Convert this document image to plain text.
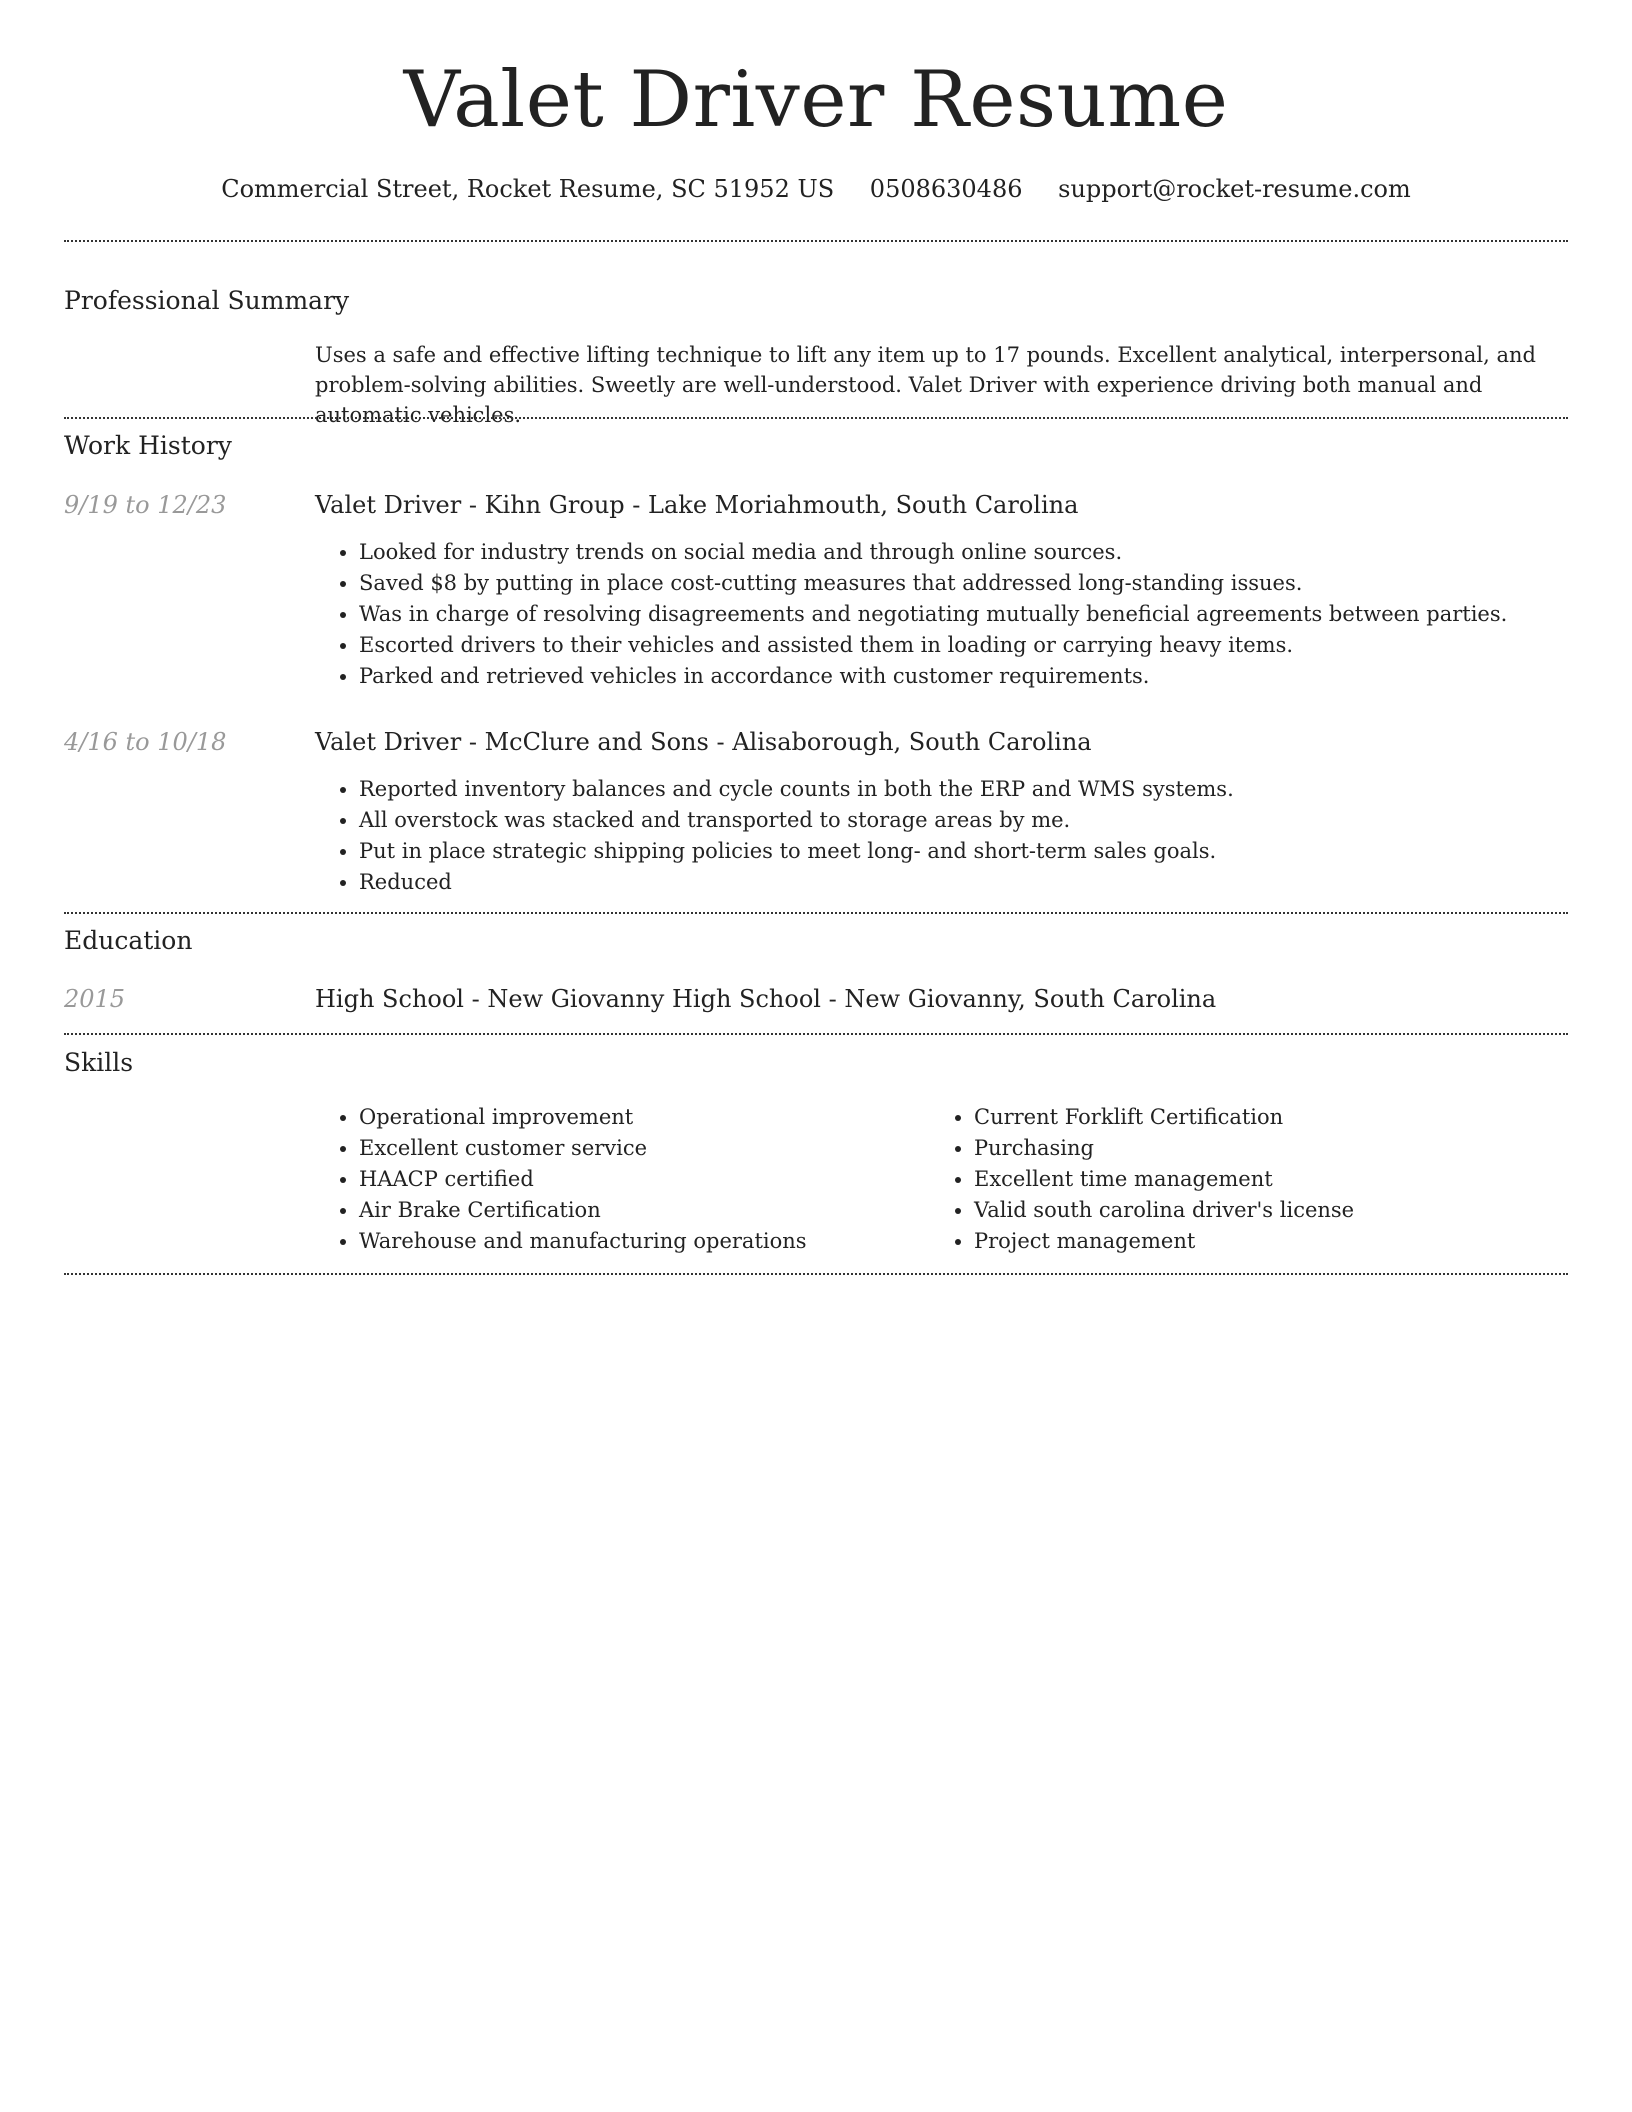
Valet Driver Resume
Commercial Street, Rocket Resume, SC 51952 US 0508630486 support@rocket-resume.com
Professional Summary
Uses a safe and effective lifting technique to lift any item up to 17 pounds. Excellent analytical, interpersonal, and problem-solving abilities. Sweetly are well-understood. Valet Driver with experience driving both manual and automatic vehicles.
Work History
9/19 to 12/23	Valet Driver - Kihn Group - Lake Moriahmouth, South Carolina
• Looked for industry trends on social media and through online sources.
• Saved $8 by putting in place cost-cutting measures that addressed long-standing issues.
• Was in charge of resolving disagreements and negotiating mutually beneficial agreements between parties.
• Escorted drivers to their vehicles and assisted them in loading or carrying heavy items.
• Parked and retrieved vehicles in accordance with customer requirements.
4/16 to 10/18	Valet Driver - McClure and Sons - Alisaborough, South Carolina
• Reported inventory balances and cycle counts in both the ERP and WMS systems.
• All overstock was stacked and transported to storage areas by me.
• Put in place strategic shipping policies to meet long- and short-term sales goals.
• Reduced
Education
2015	High School - New Giovanny High School - New Giovanny, South Carolina
Skills
• Operational improvement
• Excellent customer service
• HAACP certified
• Air Brake Certification
• Warehouse and manufacturing operations
• Current Forklift Certification
• Purchasing
• Excellent time management
• Valid south carolina driver's license
• Project management
